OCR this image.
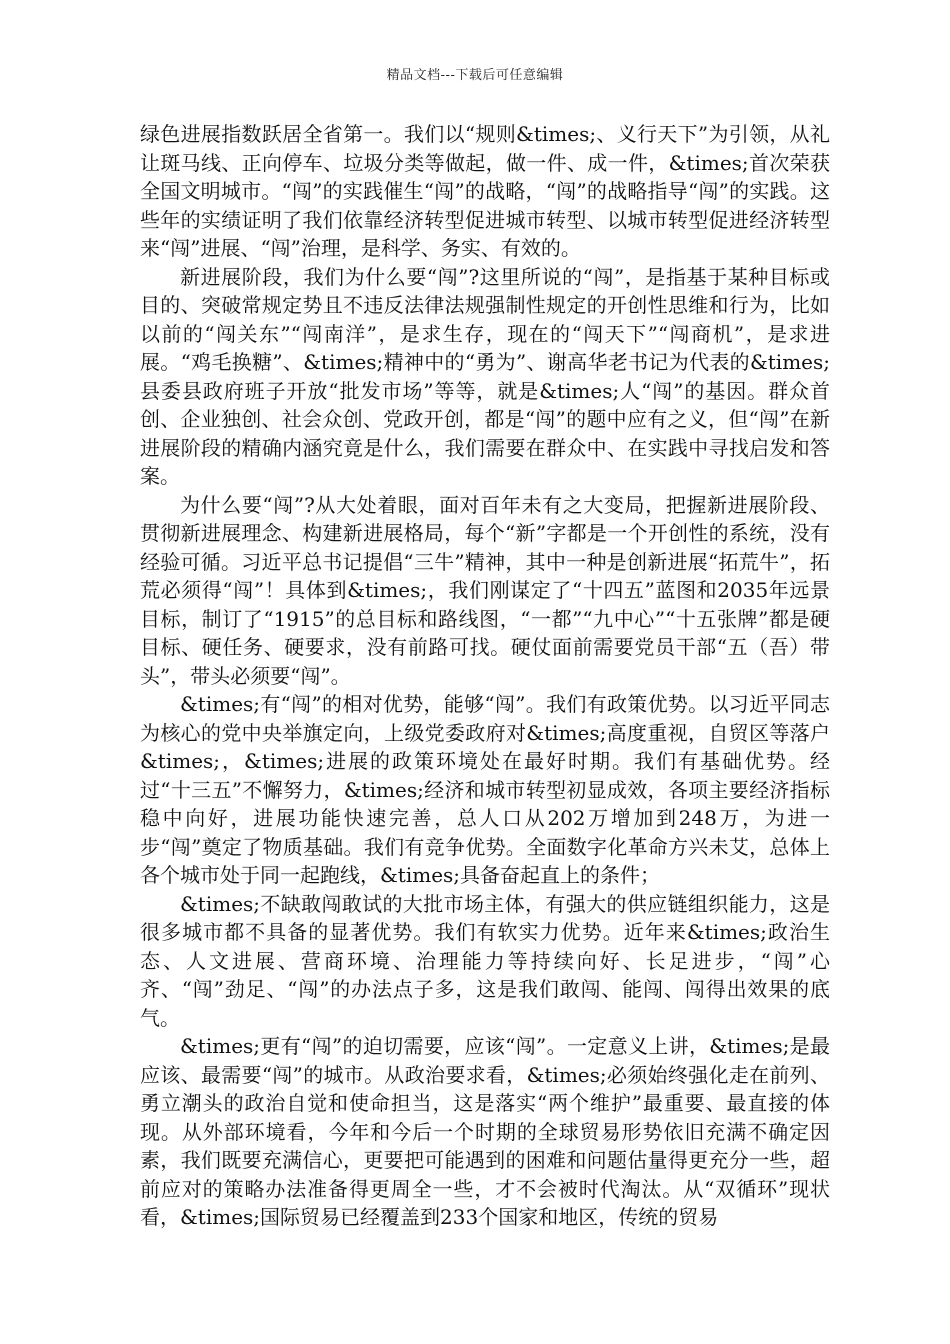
精品文档---下载后可任意编辑

绿色进展指数跃居全省第一。我们以“规则&times;、义行天下”为引领，从礼让斑马线、正向停车、垃圾分类等做起，做一件、成一件，&times;首次荣获全国文明城市。“闯”的实践催生“闯”的战略，“闯”的战略指导“闯”的实践。这些年的实绩证明了我们依靠经济转型促进城市转型、以城市转型促进经济转型来“闯”进展、“闯”治理，是科学、务实、有效的。

新进展阶段，我们为什么要“闯”?这里所说的“闯”，是指基于某种目标或目的、突破常规定势且不违反法律法规强制性规定的开创性思维和行为，比如以前的“闯关东”“闯南洋”，是求生存，现在的“闯天下”“闯商机”，是求进展。“鸡毛换糖”、&times;精神中的“勇为”、谢高华老书记为代表的&times;县委县政府班子开放“批发市场”等等，就是&times;人“闯”的基因。群众首创、企业独创、社会众创、党政开创，都是“闯”的题中应有之义，但“闯”在新进展阶段的精确内涵究竟是什么，我们需要在群众中、在实践中寻找启发和答案。

为什么要“闯”?从大处着眼，面对百年未有之大变局，把握新进展阶段、贯彻新进展理念、构建新进展格局，每个“新”字都是一个开创性的系统，没有经验可循。习近平总书记提倡“三牛”精神，其中一种是创新进展“拓荒牛”，拓荒必须得“闯”！具体到&times;，我们刚谋定了“十四五”蓝图和2035年远景目标，制订了“1915”的总目标和路线图，“一都”“九中心”“十五张牌”都是硬目标、硬任务、硬要求，没有前路可找。硬仗面前需要党员干部“五（吾）带头”，带头必须要“闯”。

&times;有“闯”的相对优势，能够“闯”。我们有政策优势。以习近平同志为核心的党中央举旗定向，上级党委政府对&times;高度重视，自贸区等落户&times;，&times;进展的政策环境处在最好时期。我们有基础优势。经过“十三五”不懈努力，&times;经济和城市转型初显成效，各项主要经济指标稳中向好，进展功能快速完善，总人口从202万增加到248万，为进一步“闯”奠定了物质基础。我们有竞争优势。全面数字化革命方兴未艾，总体上各个城市处于同一起跑线，&times;具备奋起直上的条件；

&times;不缺敢闯敢试的大批市场主体，有强大的供应链组织能力，这是很多城市都不具备的显著优势。我们有软实力优势。近年来&times;政治生态、人文进展、营商环境、治理能力等持续向好、长足进步，“闯”心齐、“闯”劲足、“闯”的办法点子多，这是我们敢闯、能闯、闯得出效果的底气。

&times;更有“闯”的迫切需要，应该“闯”。一定意义上讲，&times;是最应该、最需要“闯”的城市。从政治要求看，&times;必须始终强化走在前列、勇立潮头的政治自觉和使命担当，这是落实“两个维护”最重要、最直接的体现。从外部环境看，今年和今后一个时期的全球贸易形势依旧充满不确定因素，我们既要充满信心，更要把可能遇到的困难和问题估量得更充分一些，超前应对的策略办法准备得更周全一些，才不会被时代淘汰。从“双循环”现状看，&times;国际贸易已经覆盖到233个国家和地区，传统的贸易
